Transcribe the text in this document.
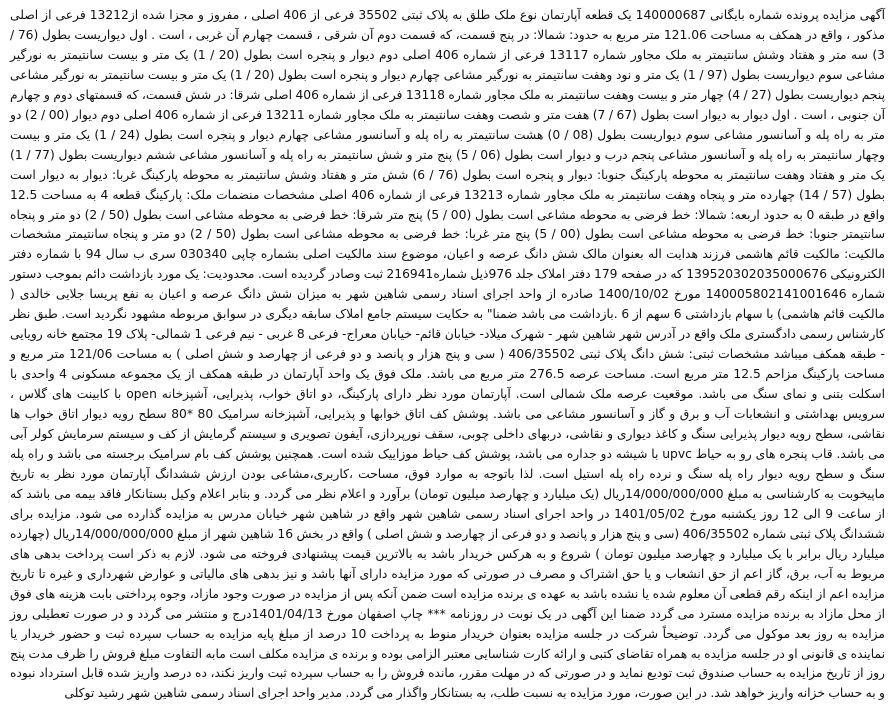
آگهی مزایده پرونده شماره بایگانی 140000687 یک قطعه آپارتمان نوع ملک طلق به پلاک ثبتی 35502 فرعی از 406 اصلی ، مفروز و مجزا شده از13212 فرعی از اصلی مذکور ، واقع در همکف به مساحت 121.06 متر مربع به حدود: شمالا: در پنج قسمت، که قسمت دوم آن شرقی ، قسمت چهارم آن غربی ، است . اول دیواریست بطول (76 / 3) سه متر و هفتاد وشش سانتیمتر به ملک مجاور شماره 13117 فرعی از شماره 406 اصلی دوم دیوار و پنجره است بطول (20 / 1) یک متر و بیست سانتیمتر به نورگیر مشاعی سوم دیواریست بطول (97 / 1) یک متر و نود وهفت سانتیمتر به نورگیر مشاعی چهارم دیوار و پنجره است بطول (20 / 1) یک متر و بیست سانتیمتر به نورگیر مشاعی پنجم دیواریست بطول (27 / 4) چهار متر و بیست وهفت سانتیمتر به ملک مجاور شماره 13118 فرعی از شماره 406 اصلی شرقا: در شش قسمت، که قسمتهای دوم و چهارم آن جنوبی ، است . اول دیوار به دیوار است بطول (67 / 7) هفت متر و شصت وهفت سانتیمتر به ملک مجاور شماره 13211 فرعی از شماره 406 اصلی دوم دیوار (00 / 2) دو متر به راه پله و آسانسور مشاعی سوم دیواریست بطول (08 / 0) هشت سانتیمتر به راه پله و آسانسور مشاعی چهارم دیوار و پنجره است بطول (24 / 1) یک متر و بیست وچهار سانتیمتر به راه پله و آسانسور مشاعی پنجم درب و دیوار است بطول (06 / 5) پنج متر و شش سانتیمتر به راه پله و آسانسور مشاعی ششم دیواریست بطول (77 / 1) یک متر و هفتاد وهفت سانتیمتر به محوطه پارکینگ جنوبا: دیوار و پنجره است بطول (76 / 6) شش متر و هفتاد وشش سانتیمتر به محوطه پارکینگ غربا: دیوار به دیوار است بطول (57 / 14) چهارده متر و پنجاه وهفت سانتیمتر به ملک مجاور شماره 13213 فرعی از شماره 406 اصلی مشخصات منضمات ملک: پارکینگ قطعه 4 به مساحت 12.5 واقع در طبقه 0 به حدود اربعه: شمالا: خط فرضی به محوطه مشاعی است بطول (00 / 5) پنج متر شرقا: خط فرضی به محوطه مشاعی است بطول (50 / 2) دو متر و پنجاه سانتیمتر جنوبا: خط فرضی به محوطه مشاعی است بطول (00 / 5) پنج متر غربا: خط فرضی به محوطه مشاعی است بطول (50 / 2) دو متر و پنجاه سانتیمتر مشخصات مالکیت: مالکیت قائم هاشمی فرزند هدایت اله بعنوان مالک شش دانگ عرصه و اعیان، موضوع سند مالکیت اصلی بشماره چاپی 030340 سری ب سال 94 با شماره دفتر الکترونیکی 139520302035000676 که در صفحه 179 دفتر املاک جلد 976ذیل شماره216941 ثبت وصادر گردیده است. محدودیت: یک مورد بازداشت دائم بموجب دستور شماره 140005802141001646 مورخ 1400/10/02 صادره از واحد اجرای اسناد رسمی شاهین شهر به میزان شش دانگ عرصه و اعیان به نفع پریسا جلایی خالدی ( مالکیت قائم هاشمی) با سهام بازداشتی 6 سهم از 6 .بازداشت می باشد ضمنا" به حکایت سیستم جامع املاک سابقه دیگری در سوابق مربوطه مشهود نگردید است. طبق نظر کارشناس رسمی دادگستری ملک واقع در آدرس شهر شاهین شهر - شهرک میلاد- خیابان قائم- خیابان معراج- فرعی 8 غربی - نیم فرعی 1 شمالی- پلاک 19 مجتمع خانه رویایی - طبقه همکف میباشد مشخصات ثبتی: شش دانگ پلاک ثبتی 406/35502 ( سی و پنج هزار و پانصد و دو فرعی از چهارصد و شش اصلی ) به مساحت 121/06 متر مربع و مساحت پارکینگ مزاحم 12.5 متر مربع است. مساحت عرصه 276.5 متر مربع می باشد. ملک فوق یک واحد آپارتمان در طبقه همکف از یک مجموعه مسکونی 4 واحدی با اسکلت بتنی و نمای سنگ می باشد. موقعیت عرصه ملک شمالی است. آپارتمان مورد نظر دارای پارکینگ، دو اتاق خواب، پذیرایی، آشپزخانه open با کابینت های گلاس ، سرویس بهداشتی و انشعابات آب و برق و گاز و آسانسور مشاعی می باشد. پوشش کف اتاق خوابها و پذیرایی، آشپزخانه سرامیک 80 *80 سطح رویه دیوار اتاق خواب ها نقاشی، سطح رویه دیوار پذیرایی سنگ و کاغذ دیواری و نقاشی، دربهای داخلی چوبی، سقف نورپردازی، آیفون تصویری و سیستم گرمایش از کف و سیستم سرمایش کولر آبی می باشد. قاب پنجره های رو به حیاط upvc با شیشه دو جداره می باشد، پوشش کف حیاط موزاییک شده است. همچنین پوشش کف بام سرامیک برجسته می باشد و راه پله سنگ و سطح رویه دیوار راه پله سنگ و نرده راه پله استیل است. لذا باتوجه به موارد فوق، مساحت ،کاربری،مشاعی بودن ارزش ششدانگ آپارتمان مورد نظر به تاریخ ماپیخوبت به کارشناسی به مبلغ 14/000/000/000ریال (یک میلیارد و چهارصد میلیون تومان) برآورد و اعلام نظر می گردد. و بنابر اعلام وکیل بستانکار فاقد بیمه می باشد که از ساعت 9 الی 12 روز یکشنبه مورخ 1401/05/02 در واحد اجرای اسناد رسمی شاهین شهر واقع در شاهین شهر خیابان مدرس به مزایده گذارده می شود. مزایده برای ششدانگ پلاک ثبتی شماره 406/35502 (سی و پنج هزار و پانصد و دو فرعی از چهارصد و شش اصلی ) واقع در بخش 16 شاهین شهر از مبلغ 14/000/000/000ریال (چهارده میلیارد ریال برابر با یک میلیارد و چهارصد میلیون تومان ) شروع و به هرکس خریدار باشد به بالاترین قیمت پیشنهادی فروخته می شود. لازم به ذکر است پرداخت بدهی های مربوط به آب، برق، گاز اعم از حق انشعاب و یا حق اشتراک و مصرف در صورتی که مورد مزایده دارای آنها باشد و نیز بدهی های مالیاتی و عوارض شهرداری و غیره تا تاریخ مزایده اعم از اینکه رقم قطعی آن معلوم شده یا نشده باشد به عهده ی برنده مزایده است ضمن آنکه پس از مزایده در صورت وجود مازاد، وجوه پرداختی بابت هزینه های فوق از محل مازاد به برنده مزایده مسترد می گردد ضمنا این آگهی در یک نوبت در روزنامه *** چاپ اصفهان مورخ 1401/04/13درج و منتشر می گردد و در صورت تعطیلی روز مزایده به روز بعد موکول می گردد. توضیحاً شرکت در جلسه مزایده بعنوان خریدار منوط به پرداخت 10 درصد از مبلغ پایه مزایده به حساب سپرده ثبت و حضور خریدار یا نماینده ی قانونی او در جلسه مزایده به همراه تقاضای کتبی و ارائه کارت شناسایی معتبر الزامی بوده و برنده ی مزایده مکلف است مابه التفاوت مبلغ فروش را ظرف مدت پنج روز از تاریخ مزایده به حساب صندوق ثبت تودیع نماید و در صورتی که در مهلت مقرر، مانده فروش را به حساب سپرده ثبت واریز نکند، ده درصد واریز شده قابل استرداد نبوده و به حساب خزانه واریز خواهد شد. در این صورت، مورد مزایده به نسبت طلب، به بستانکار واگذار می گردد. مدیر واحد اجرای اسناد رسمی شاهین شهر رشید توکلی
